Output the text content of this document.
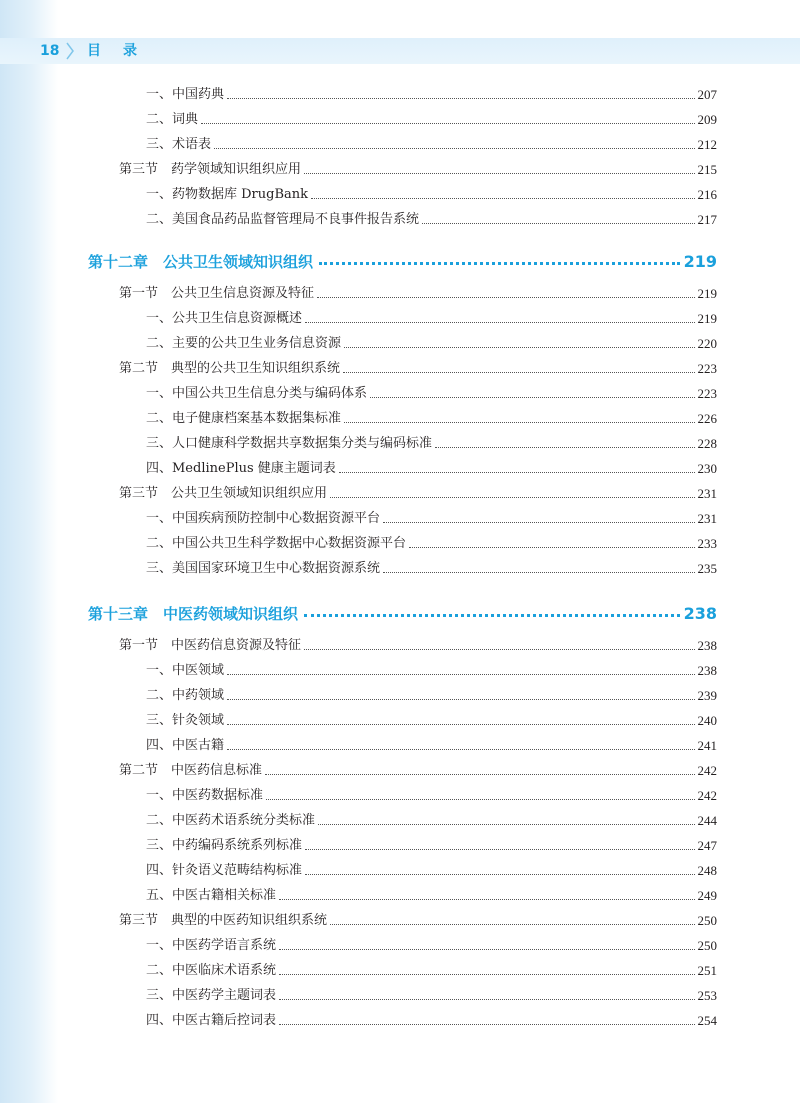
18 目录
一、中国药典	207
二、词典	209
三、术语表	212
第三节　药学领域知识组织应用	215
一、药物数据库 DrugBank	216
二、美国食品药品监督管理局不良事件报告系统	217
第十二章　公共卫生领域知识组织	219
第一节　公共卫生信息资源及特征	219
一、公共卫生信息资源概述	219
二、主要的公共卫生业务信息资源	220
第二节　典型的公共卫生知识组织系统	223
一、中国公共卫生信息分类与编码体系	223
二、电子健康档案基本数据集标准	226
三、人口健康科学数据共享数据集分类与编码标准	228
四、MedlinePlus 健康主题词表	230
第三节　公共卫生领域知识组织应用	231
一、中国疾病预防控制中心数据资源平台	231
二、中国公共卫生科学数据中心数据资源平台	233
三、美国国家环境卫生中心数据资源系统	235
第十三章　中医药领域知识组织	238
第一节　中医药信息资源及特征	238
一、中医领域	238
二、中药领域	239
三、针灸领域	240
四、中医古籍	241
第二节　中医药信息标准	242
一、中医药数据标准	242
二、中医药术语系统分类标准	244
三、中药编码系统系列标准	247
四、针灸语义范畴结构标准	248
五、中医古籍相关标准	249
第三节　典型的中医药知识组织系统	250
一、中医药学语言系统	250
二、中医临床术语系统	251
三、中医药学主题词表	253
四、中医古籍后控词表	254
